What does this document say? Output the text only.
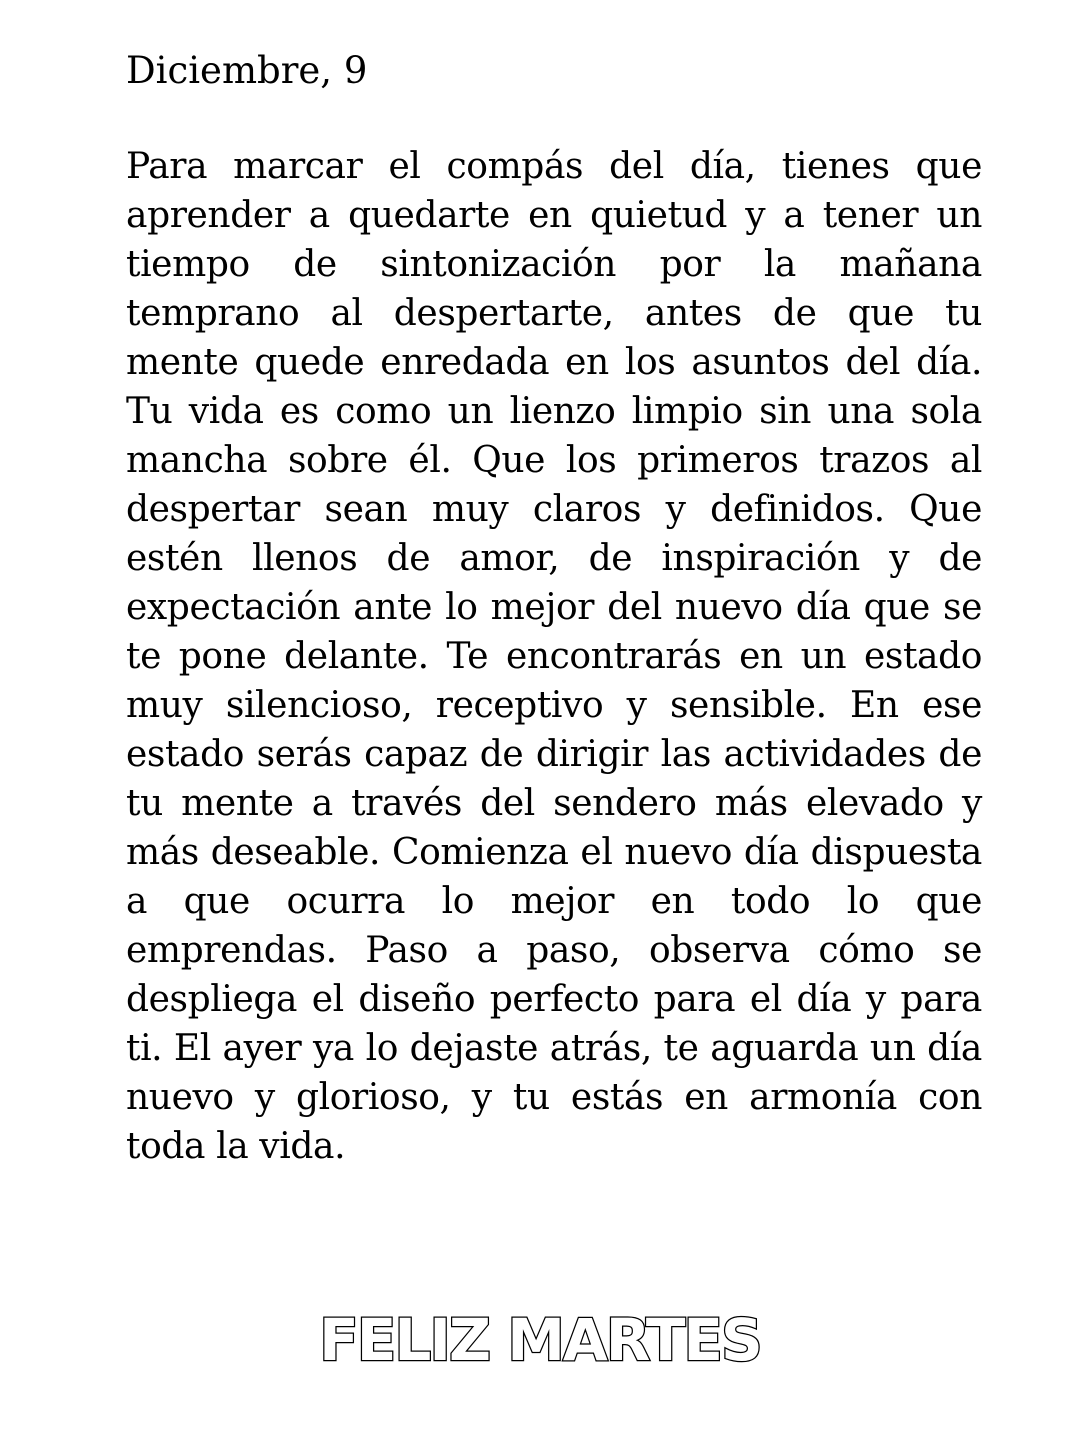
Diciembre, 9

Para marcar el compás del día, tienes que aprender a quedarte en quietud y a tener un tiempo de sintonización por la mañana temprano al despertarte, antes de que tu mente quede enredada en los asuntos del día. Tu vida es como un lienzo limpio sin una sola mancha sobre él. Que los primeros trazos al despertar sean muy claros y definidos. Que estén llenos de amor, de inspiración y de expectación ante lo mejor del nuevo día que se te pone delante. Te encontrarás en un estado muy silencioso, receptivo y sensible. En ese estado serás capaz de dirigir las actividades de tu mente a través del sendero más elevado y más deseable. Comienza el nuevo día dispuesta a que ocurra lo mejor en todo lo que emprendas. Paso a paso, observa cómo se despliega el diseño perfecto para el día y para ti. El ayer ya lo dejaste atrás, te aguarda un día nuevo y glorioso, y tu estás en armonía con toda la vida.

FELIZ MARTES
